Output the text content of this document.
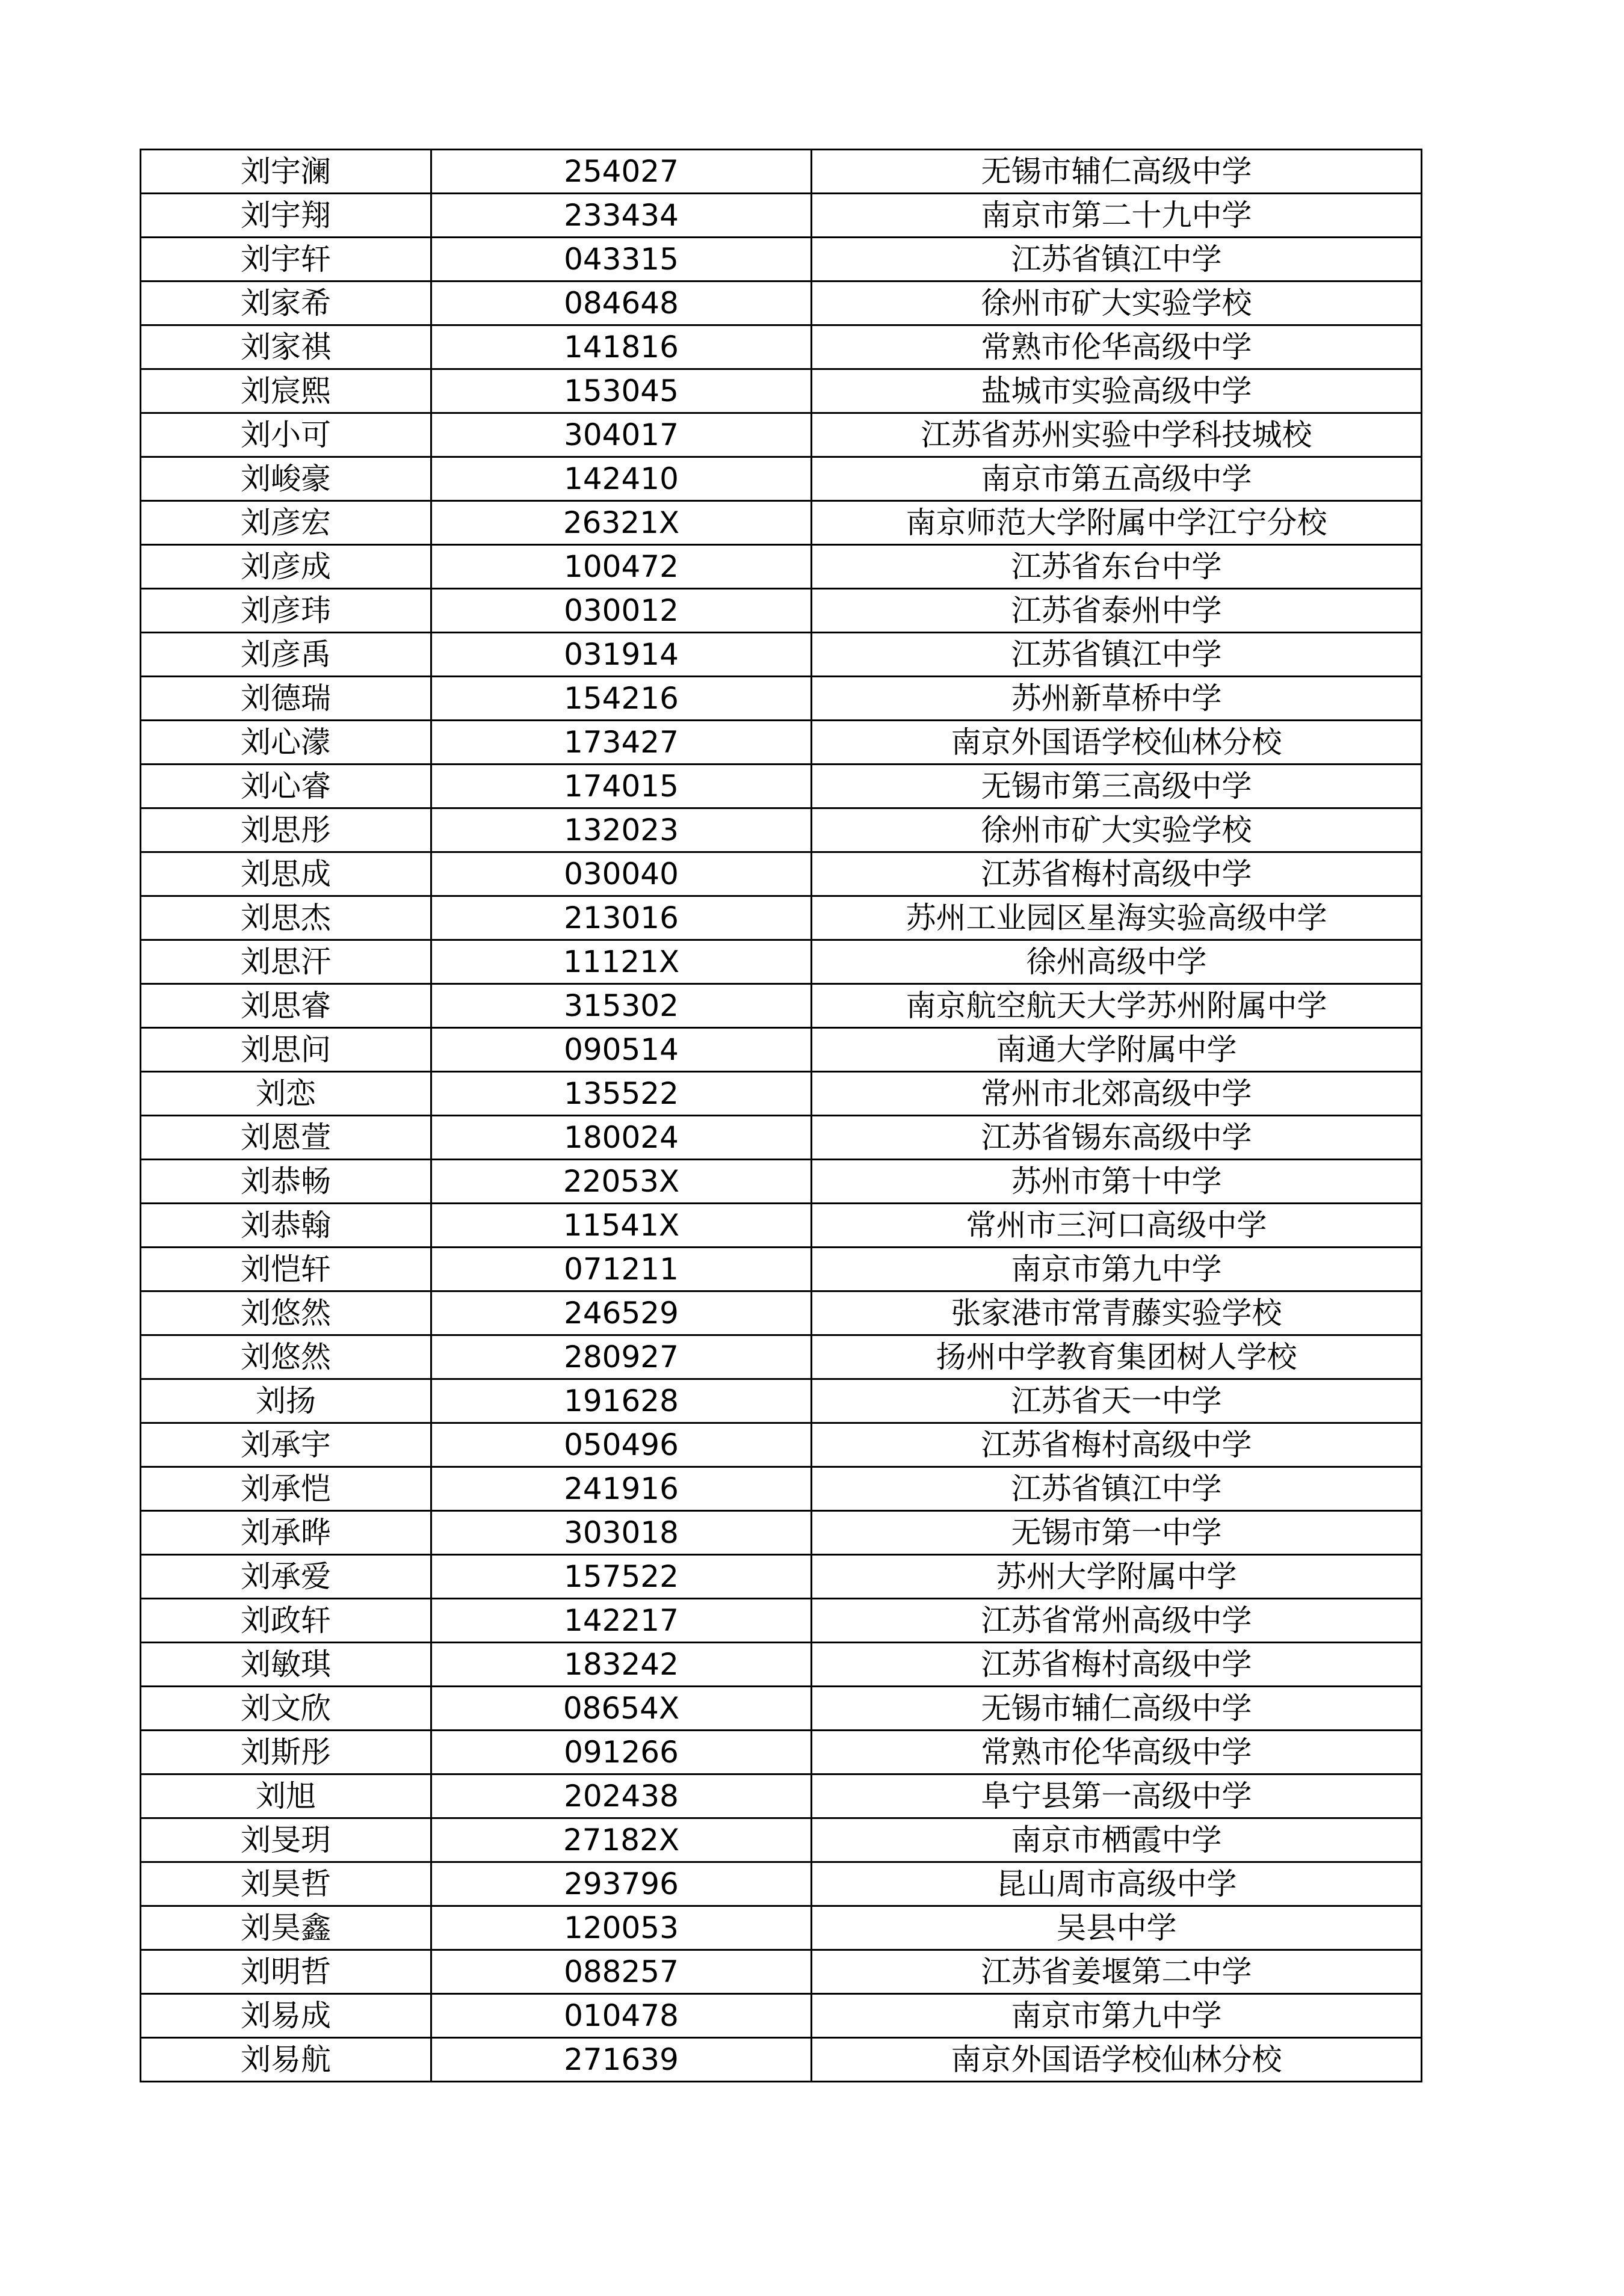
刘宇澜	254027	无锡市辅仁高级中学
刘宇翔	233434	南京市第二十九中学
刘宇轩	043315	江苏省镇江中学
刘家希	084648	徐州市矿大实验学校
刘家祺	141816	常熟市伦华高级中学
刘宸熙	153045	盐城市实验高级中学
刘小可	304017	江苏省苏州实验中学科技城校
刘峻豪	142410	南京市第五高级中学
刘彦宏	26321X	南京师范大学附属中学江宁分校
刘彦成	100472	江苏省东台中学
刘彦玮	030012	江苏省泰州中学
刘彦禹	031914	江苏省镇江中学
刘德瑞	154216	苏州新草桥中学
刘心濛	173427	南京外国语学校仙林分校
刘心睿	174015	无锡市第三高级中学
刘思彤	132023	徐州市矿大实验学校
刘思成	030040	江苏省梅村高级中学
刘思杰	213016	苏州工业园区星海实验高级中学
刘思汗	11121X	徐州高级中学
刘思睿	315302	南京航空航天大学苏州附属中学
刘思问	090514	南通大学附属中学
刘恋	135522	常州市北郊高级中学
刘恩萱	180024	江苏省锡东高级中学
刘恭畅	22053X	苏州市第十中学
刘恭翰	11541X	常州市三河口高级中学
刘恺轩	071211	南京市第九中学
刘悠然	246529	张家港市常青藤实验学校
刘悠然	280927	扬州中学教育集团树人学校
刘扬	191628	江苏省天一中学
刘承宇	050496	江苏省梅村高级中学
刘承恺	241916	江苏省镇江中学
刘承晔	303018	无锡市第一中学
刘承爱	157522	苏州大学附属中学
刘政轩	142217	江苏省常州高级中学
刘敏琪	183242	江苏省梅村高级中学
刘文欣	08654X	无锡市辅仁高级中学
刘斯彤	091266	常熟市伦华高级中学
刘旭	202438	阜宁县第一高级中学
刘旻玥	27182X	南京市栖霞中学
刘昊哲	293796	昆山周市高级中学
刘昊鑫	120053	吴县中学
刘明哲	088257	江苏省姜堰第二中学
刘易成	010478	南京市第九中学
刘易航	271639	南京外国语学校仙林分校
